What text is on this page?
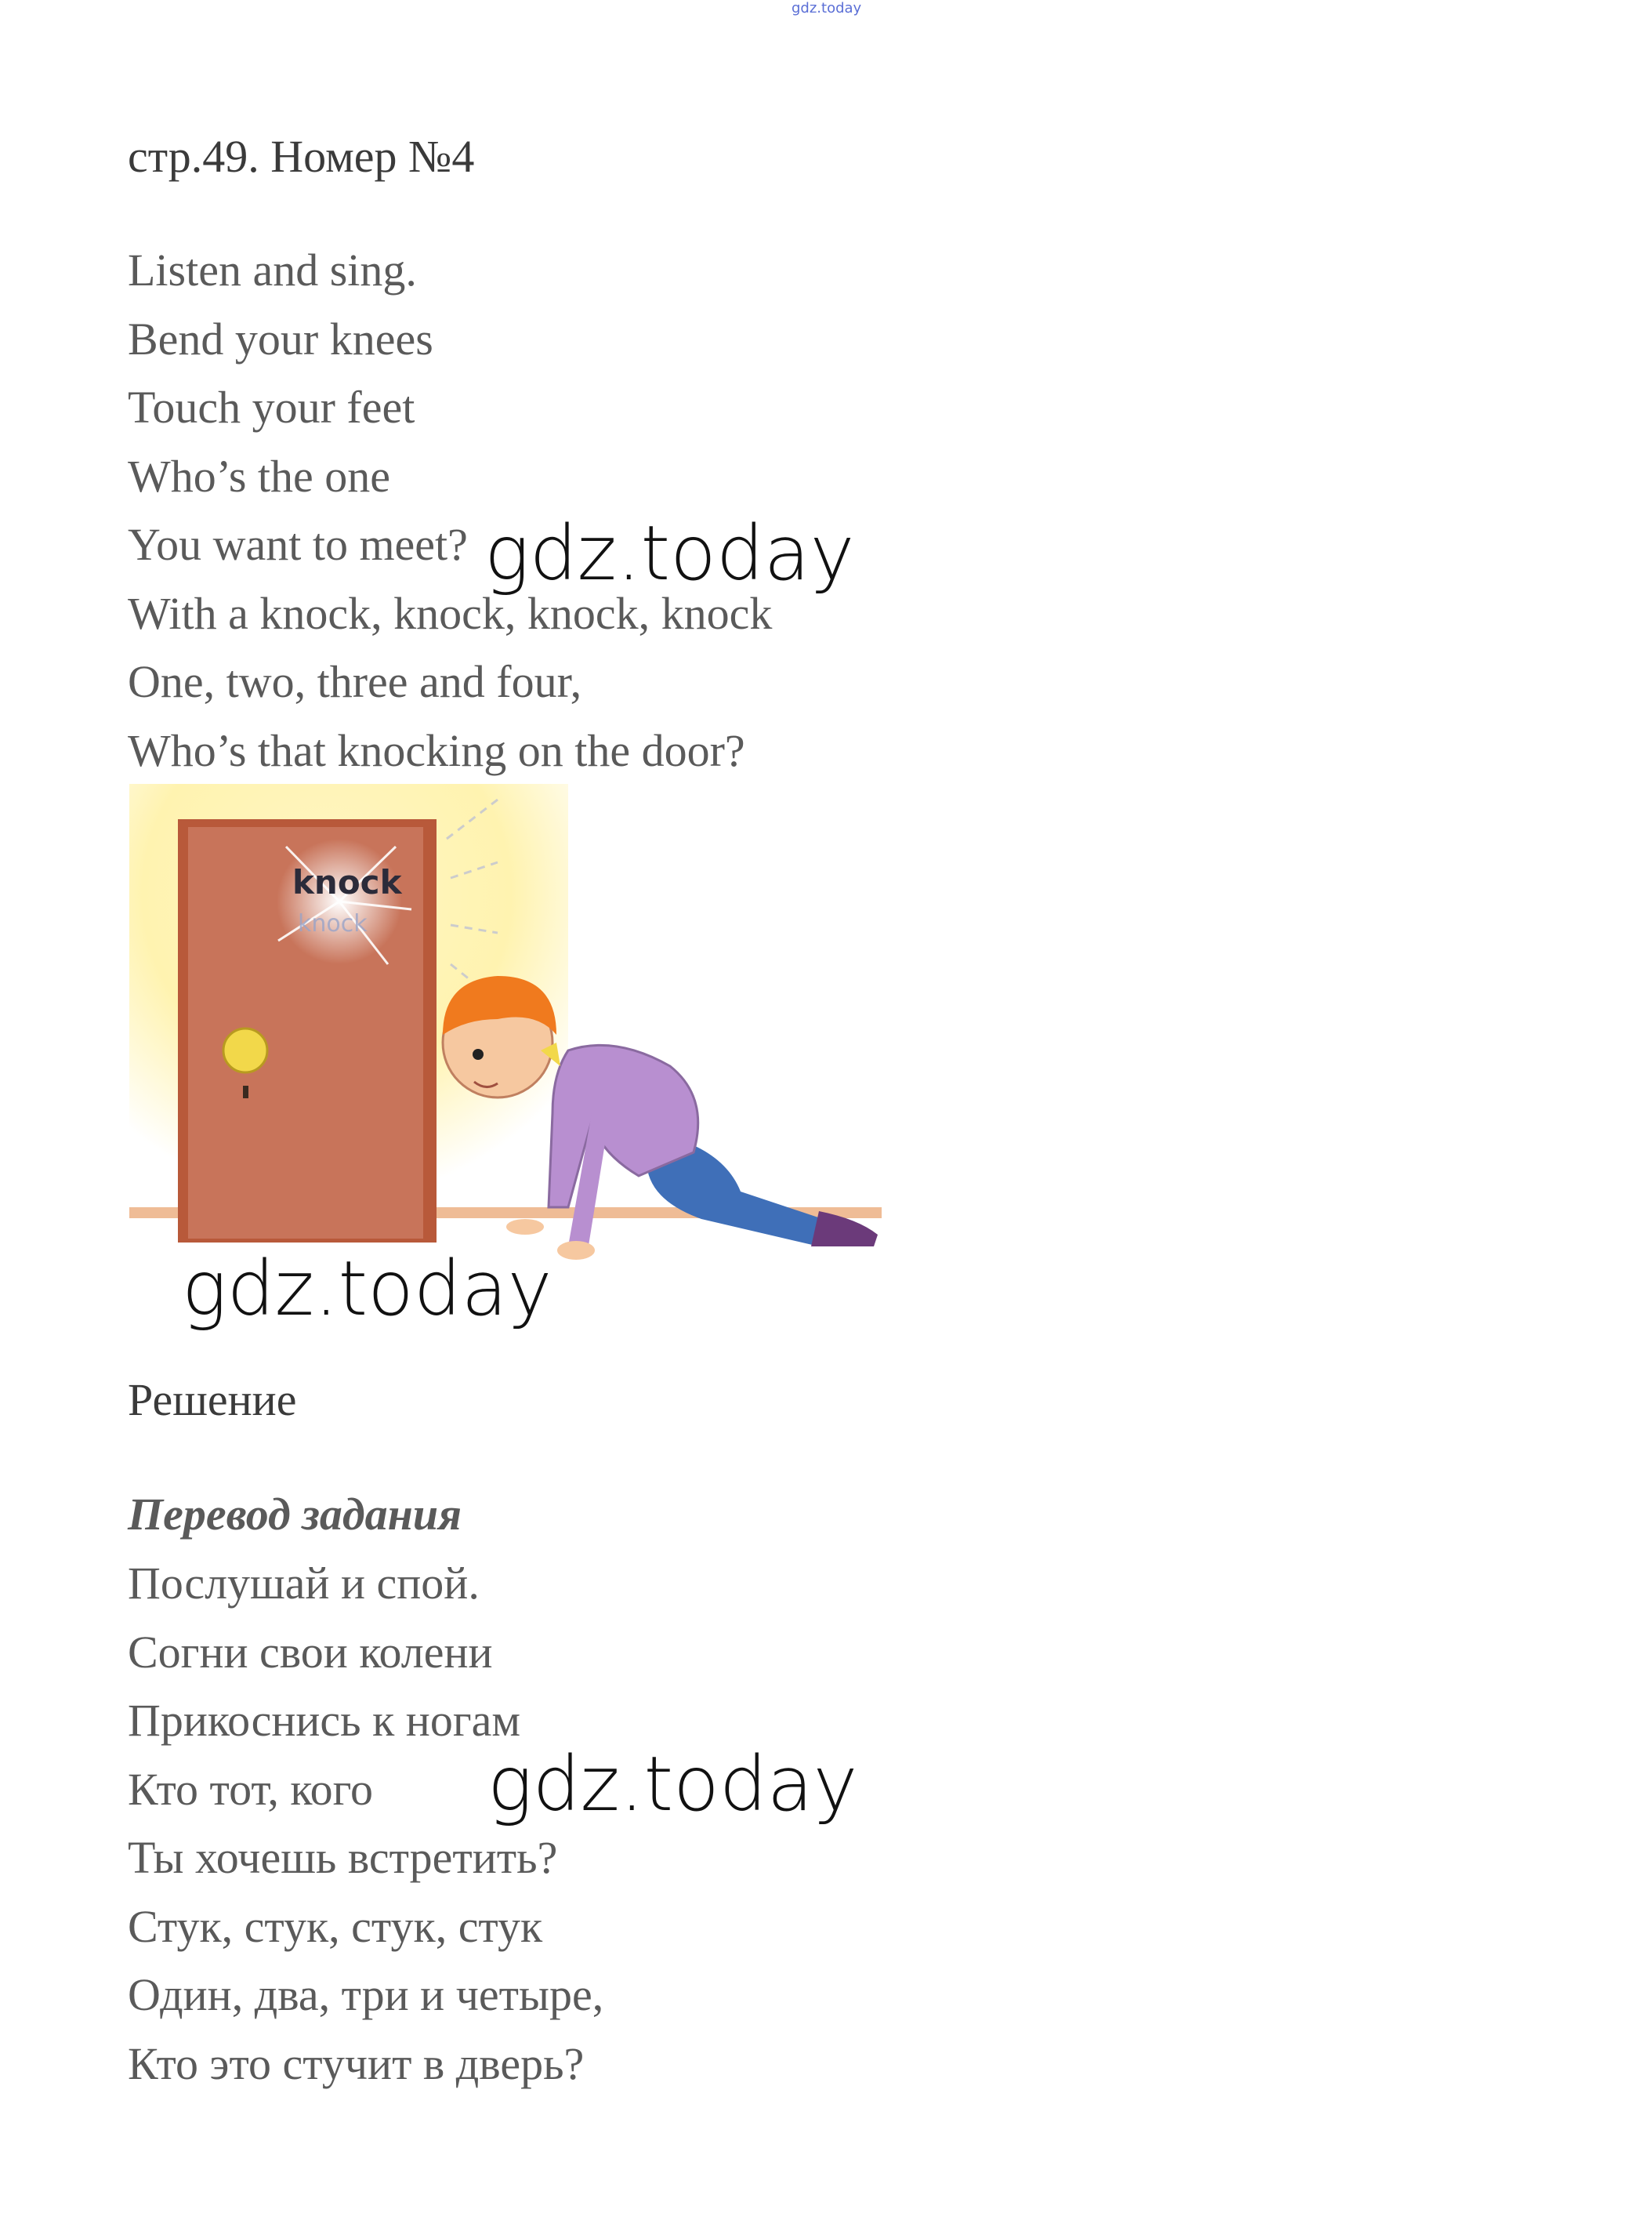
gdz.today
стр.49. Номер №4
Listen and sing.
Bend your knees
Touch your feet
Who’s the one
You want to meet?
With a knock, knock, knock, knock
One, two, three and four,
Who’s that knocking on the door?
knock
knock
gdz.today
gdz.today
Решение
Перевод задания
Послушай и спой.
Согни свои колени
Прикоснись к ногам
Кто тот, кого
Ты хочешь встретить?
Стук, стук, стук, стук
Один, два, три и четыре,
Кто это стучит в дверь?
gdz.today
